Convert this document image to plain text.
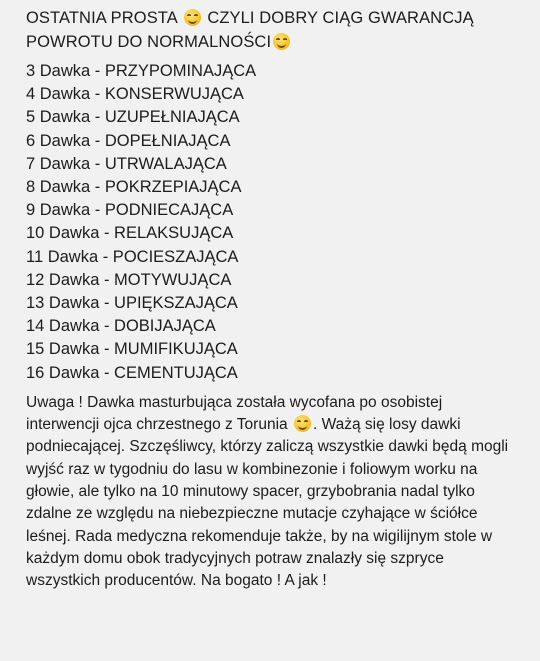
OSTATNIA PROSTA CZYLI DOBRY CIĄG GWARANCJĄ
POWROTU DO NORMALNOŚCI
3 Dawka - PRZYPOMINAJĄCA
4 Dawka - KONSERWUJĄCA
5 Dawka - UZUPEŁNIAJĄCA
6 Dawka - DOPEŁNIAJĄCA
7 Dawka - UTRWALAJĄCA
8 Dawka - POKRZEPIAJĄCA
9 Dawka - PODNIECAJĄCA
10 Dawka - RELAKSUJĄCA
11 Dawka - POCIESZAJĄCA
12 Dawka - MOTYWUJĄCA
13 Dawka - UPIĘKSZAJĄCA
14 Dawka - DOBIJAJĄCA
15 Dawka - MUMIFIKUJĄCA
16 Dawka - CEMENTUJĄCA

Uwaga ! Dawka masturbująca została wycofana po osobistej interwencji ojca chrzestnego z Torunia . Ważą się losy dawki podniecającej. Szczęśliwcy, którzy zaliczą wszystkie dawki będą mogli wyjść raz w tygodniu do lasu w kombinezonie i foliowym worku na głowie, ale tylko na 10 minutowy spacer, grzybobrania nadal tylko zdalne ze względu na niebezpieczne mutacje czyhające w ściółce leśnej. Rada medyczna rekomenduje także, by na wigilijnym stole w każdym domu obok tradycyjnych potraw znalazły się szpryce wszystkich producentów. Na bogato ! A jak !
